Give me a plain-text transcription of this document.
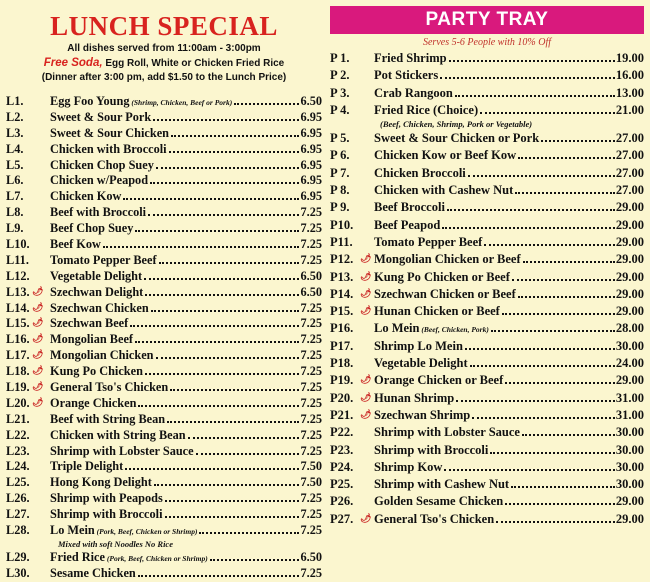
LUNCH SPECIAL
All dishes served from 11:00am - 3:00pm
Free Soda, Egg Roll, White or Chicken Fried Rice
(Dinner after 3:00 pm, add $1.50 to the Lunch Price)
L1.	Egg Foo Young (Shrimp, Chicken, Beef or Pork)	6.50
L2.	Sweet & Sour Pork	6.95
L3.	Sweet & Sour Chicken	6.95
L4.	Chicken with Broccoli	6.95
L5.	Chicken Chop Suey	6.95
L6.	Chicken w/Peapod	6.95
L7.	Chicken Kow	6.95
L8.	Beef with Broccoli	7.25
L9.	Beef Chop Suey	7.25
L10.	Beef Kow	7.25
L11.	Tomato Pepper Beef	7.25
L12.	Vegetable Delight	6.50
L13.	Szechwan Delight	6.50
🌶
L14.	Szechwan Chicken	7.25
🌶
L15.	Szechwan Beef	7.25
🌶
L16.	Mongolian Beef	7.25
🌶
L17.	Mongolian Chicken	7.25
🌶
L18.	Kung Po Chicken	7.25
🌶
L19.	General Tso's Chicken	7.25
🌶
L20.	Orange Chicken	7.25
🌶
L21.	Beef with String Bean	7.25
L22.	Chicken with String Bean	7.25
L23.	Shrimp with Lobster Sauce	7.25
L24.	Triple Delight	7.50
L25.	Hong Kong Delight	7.50
L26.	Shrimp with Peapods	7.25
L27.	Shrimp with Broccoli	7.25
L28.	Lo Mein (Pork, Beef, Chicken or Shrimp)	7.25
Mixed with soft Noodles No Rice
L29.	Fried Rice (Pork, Beef, Chicken or Shrimp)	6.50
L30.	Sesame Chicken	7.25
PARTY TRAY
Serves 5-6 People with 10% Off
P 1.	Fried Shrimp	19.00
P 2.	Pot Stickers	16.00
P 3.	Crab Rangoon	13.00
P 4.	Fried Rice (Choice)	21.00
(Beef, Chicken, Shrimp, Pork or Vegetable)
P 5.	Sweet & Sour Chicken or Pork	27.00
P 6.	Chicken Kow or Beef Kow	27.00
P 7.	Chicken Broccoli	27.00
P 8.	Chicken with Cashew Nut	27.00
P 9.	Beef Broccoli	29.00
P10.	Beef Peapod	29.00
P11.	Tomato Pepper Beef	29.00
P12.	Mongolian Chicken or Beef	29.00
🌶
P13.	Kung Po Chicken or Beef	29.00
🌶
P14.	Szechwan Chicken or Beef	29.00
🌶
P15.	Hunan Chicken or Beef	29.00
🌶
P16.	Lo Mein (Beef, Chicken, Pork)	28.00
P17.	Shrimp Lo Mein	30.00
P18.	Vegetable Delight	24.00
P19.	Orange Chicken or Beef	29.00
🌶
P20.	Hunan Shrimp	31.00
🌶
P21.	Szechwan Shrimp	31.00
🌶
P22.	Shrimp with Lobster Sauce	30.00
P23.	Shrimp with Broccoli	30.00
P24.	Shrimp Kow	30.00
P25.	Shrimp with Cashew Nut	30.00
P26.	Golden Sesame Chicken	29.00
P27.	General Tso's Chicken	29.00
🌶
